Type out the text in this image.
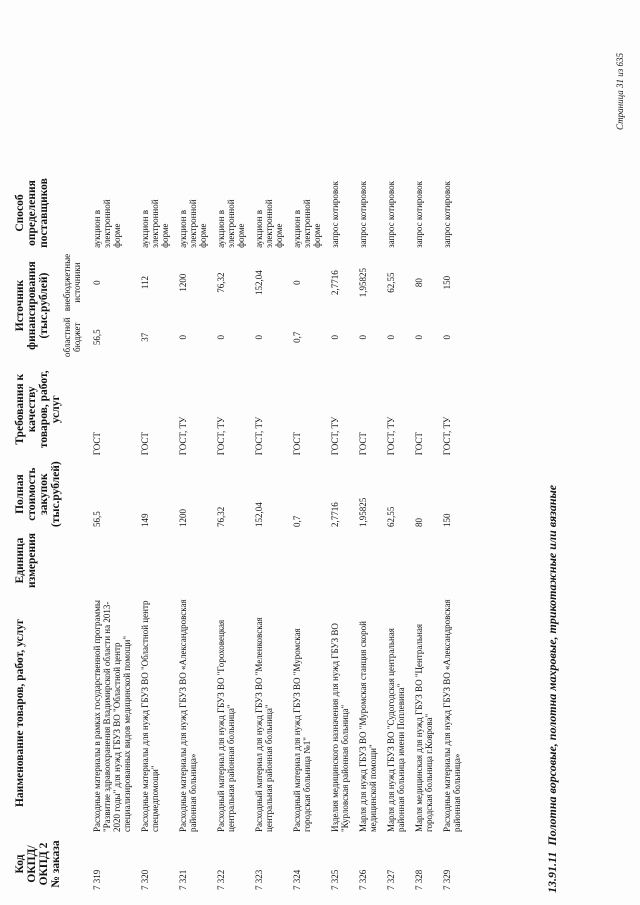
Код ОКПД/ ОКПД 2 № заказа	Наименование товаров, работ, услуг	Единица измерения	Полная стоимость закупок (тыс.рублей)	Требования к качеству товаров, работ, услуг	Источник финансирования (тыс.рублей)		Способ определения поставщиков
					областной бюджет	внебюджетные источники	
7 319	Расходные материалы в рамках государственной программы "Развитие здравоохранения Владимирской области на 2013-2020 годы" для нужд ГБУЗ ВО "Областной центр специализированных видов медицинской помощи"		56,5	ГОСТ	56,5	0	аукцион в электронной форме
7 320	Расходные материалы для нужд ГБУЗ ВО "Областной центр спецмедпомощи"		149	ГОСТ	37	112	аукцион в электронной форме
7 321	Расходные материалы для нужд ГБУЗ ВО «Александровская районная больница»		1200	ГОСТ, ТУ	0	1200	аукцион в электронной форме
7 322	Расходный материал для нужд ГБУЗ ВО "Гороховецкая центральная районная больница"		76,32	ГОСТ, ТУ	0	76,32	аукцион в электронной форме
7 323	Расходный материал для нужд ГБУЗ ВО "Меленковская центральная районная больница"		152,04	ГОСТ, ТУ	0	152,04	аукцион в электронной форме
7 324	Расходный материал для нужд ГБУЗ ВО "Муромская городская больница №1"		0,7	ГОСТ	0,7	0	аукцион в электронной форме
7 325	Изделия медицинского назначения для нужд ГБУЗ ВО "Курловская районная больница"		2,7716	ГОСТ, ТУ	0	2,7716	запрос котировок
7 326	Марля для нужд ГБУЗ ВО "Муромская станция скорой медицинской помощи"		1,95825	ГОСТ	0	1,95825	запрос котировок
7 327	Марля для нужд ГБУЗ ВО "Судогодская центральная районная больница имени Поплевина"		62,55	ГОСТ, ТУ	0	62,55	запрос котировок
7 328	Марля медицинская для нужд ГБУЗ ВО "Центральная городская больница г.Коврова"		80	ГОСТ	0	80	запрос котировок
7 329	Расходные материалы для нужд ГБУЗ ВО «Александровская районная больница»		150	ГОСТ, ТУ	0	150	запрос котировок
13.91.11Полотна ворсовые, полотна махровые, трикотажные или вязаные
Страница 31 из 635
